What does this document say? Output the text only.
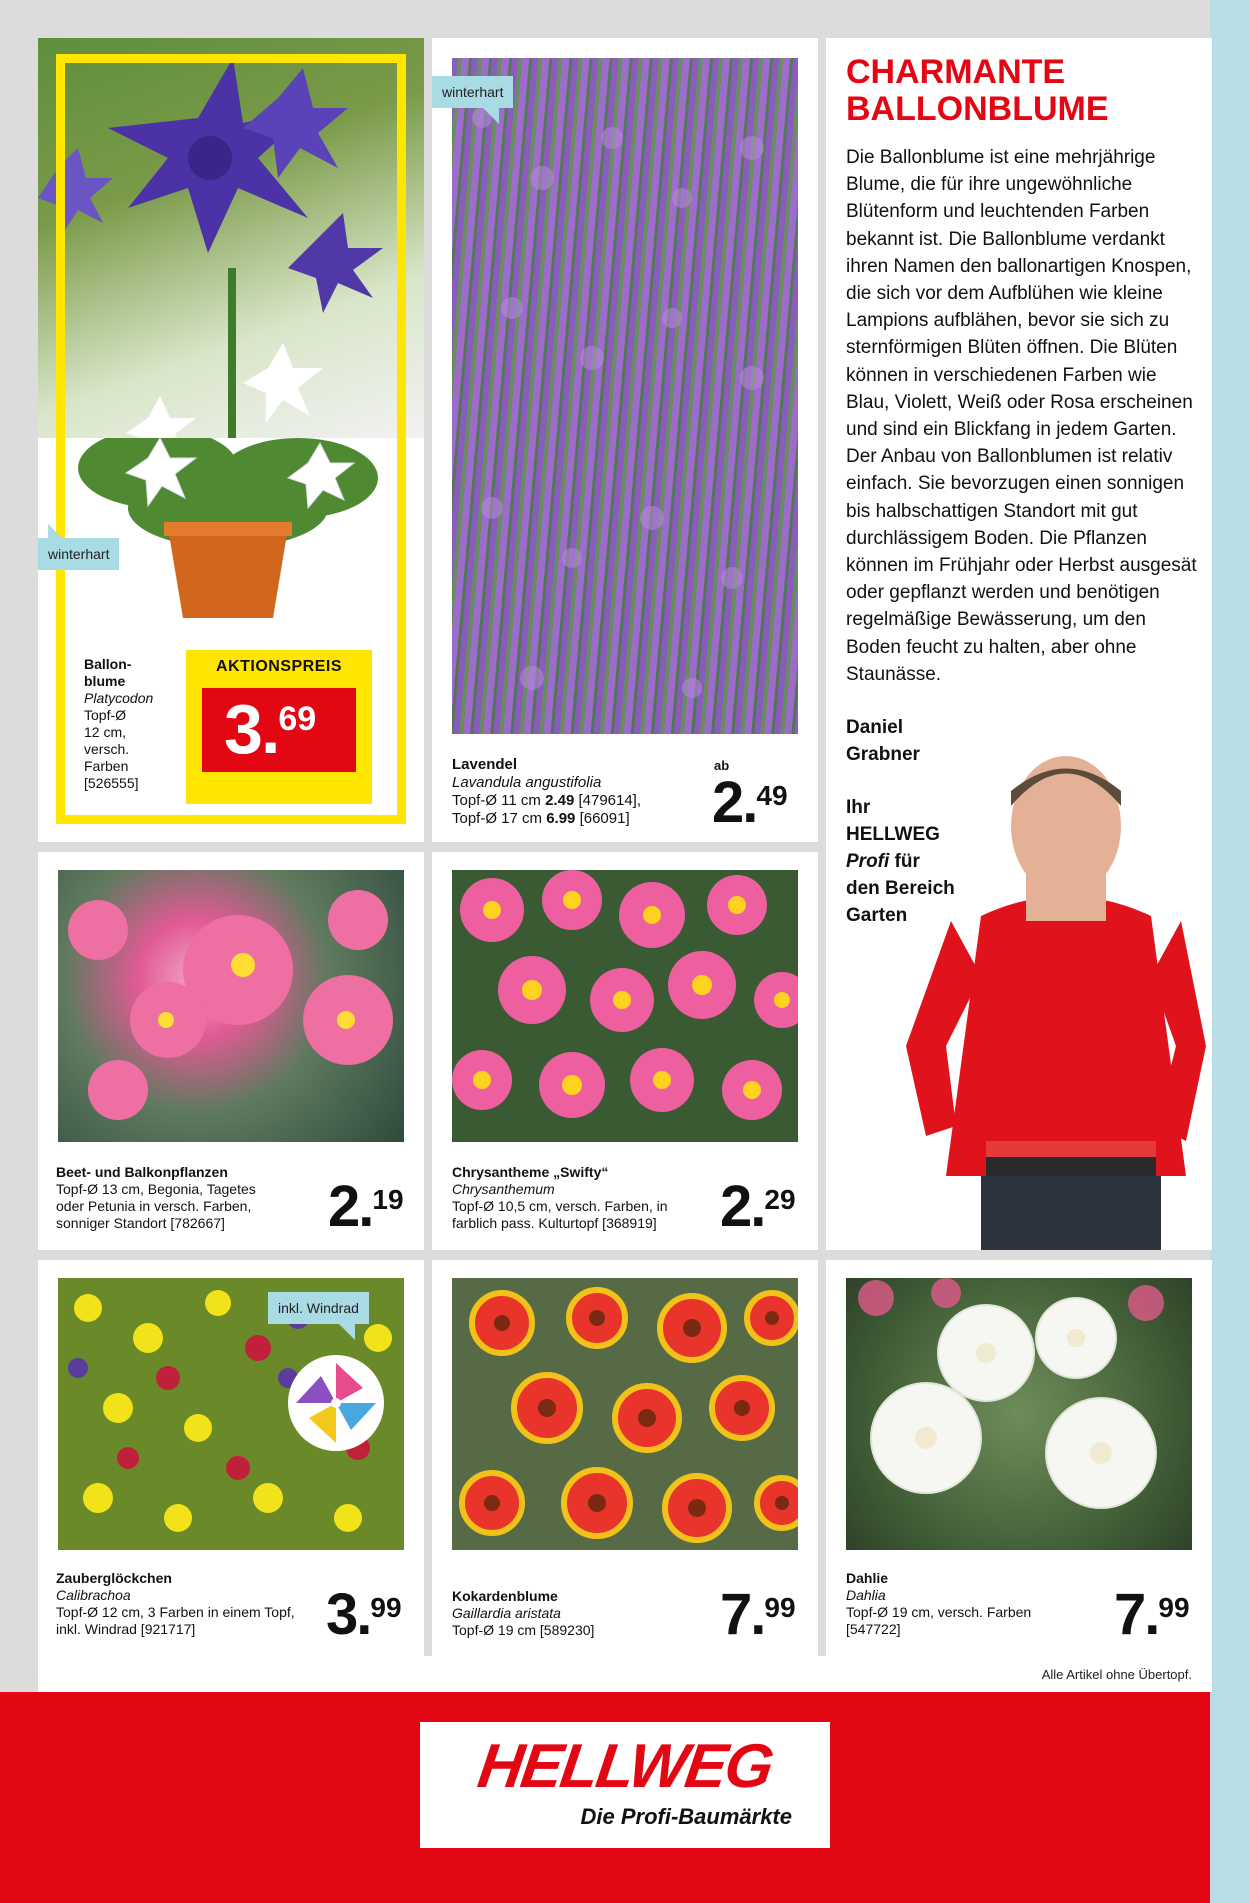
winterhart
Ballon-
blume
Platycodon
Topf-Ø
12 cm,
versch.
Farben
[526555]
AKTIONSPREIS
3 . 69
winterhart
Lavendel
Lavandula angustifolia
Topf-Ø 11 cm 2.49 [479614],
Topf-Ø 17 cm 6.99 [66091]
ab
2 . 49
CHARMANTE
BALLONBLUME
Die Ballonblume ist eine mehrjährige Blume, die für ihre ungewöhnliche Blütenform und leuchtenden Farben bekannt ist. Die Ballonblume verdankt ihren Namen den ballonartigen Knospen, die sich vor dem Aufblühen wie kleine Lampions aufblähen, bevor sie sich zu sternförmigen Blüten öffnen. Die Blüten können in verschiedenen Farben wie Blau, Violett, Weiß oder Rosa erscheinen und sind ein Blickfang in jedem Garten. Der Anbau von Ballonblumen ist relativ einfach. Sie bevorzugen einen sonnigen bis halbschattigen Standort mit gut durchlässigem Boden. Die Pflanzen können im Frühjahr oder Herbst ausgesät oder gepflanzt werden und benötigen regelmäßige Bewässerung, um den Boden feucht zu halten, aber ohne Staunässe.
Daniel
Grabner
Ihr
HELLWEG
Profi für
den Bereich
Garten
Beet- und Balkonpflanzen
Topf-Ø 13 cm, Begonia, Tagetes
oder Petunia in versch. Farben,
sonniger Standort [782667]	2 . 19
Chrysantheme „Swifty“
Chrysanthemum
Topf-Ø 10,5 cm, versch. Farben, in
farblich pass. Kulturtopf [368919]	2 . 29
inkl. Windrad
Zauberglöckchen
Calibrachoa
Topf-Ø 12 cm, 3 Farben in einem Topf,
inkl. Windrad [921717]	3 . 99	Kokardenblume
Gaillardia aristata
Topf-Ø 19 cm [589230]	7 . 99
Dahlie
Dahlia
Topf-Ø 19 cm, versch. Farben
[547722]	7 . 99
Alle Artikel ohne Übertopf.
HELLWEG
Die Profi-Baumärkte
